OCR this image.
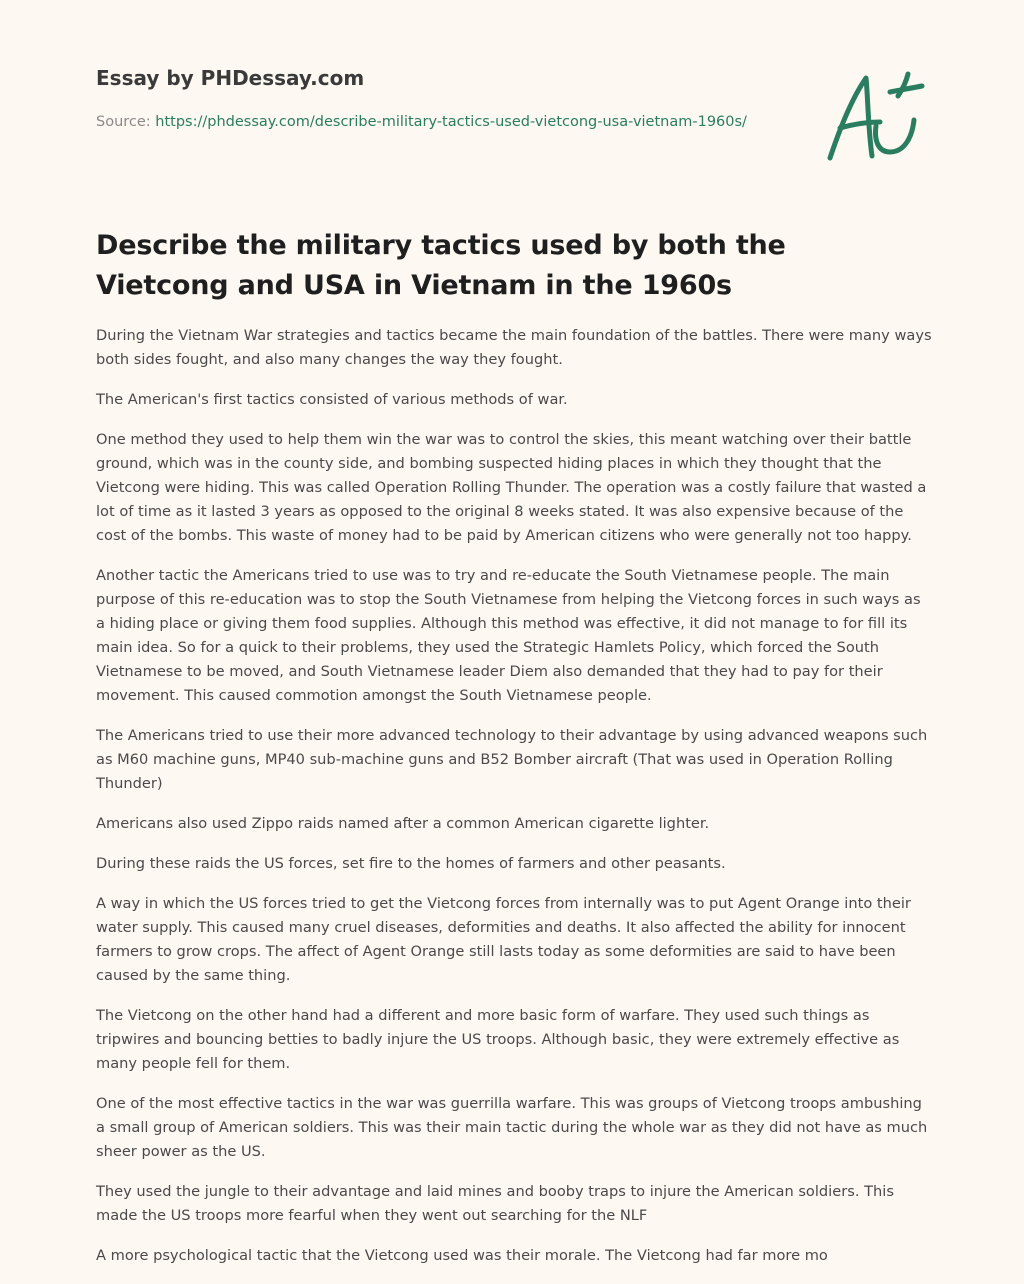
Essay by PHDessay.com
Source: https://phdessay.com/describe-military-tactics-used-vietcong-usa-vietnam-1960s/
Describe the military tactics used by both the Vietcong and USA in Vietnam in the 1960s

During the Vietnam War strategies and tactics became the main foundation of the battles. There were many ways both sides fought, and also many changes the way they fought.

The American's first tactics consisted of various methods of war.

One method they used to help them win the war was to control the skies, this meant watching over their battle ground, which was in the county side, and bombing suspected hiding places in which they thought that the Vietcong were hiding. This was called Operation Rolling Thunder. The operation was a costly failure that wasted a lot of time as it lasted 3 years as opposed to the original 8 weeks stated. It was also expensive because of the cost of the bombs. This waste of money had to be paid by American citizens who were generally not too happy.

Another tactic the Americans tried to use was to try and re-educate the South Vietnamese people. The main purpose of this re-education was to stop the South Vietnamese from helping the Vietcong forces in such ways as a hiding place or giving them food supplies. Although this method was effective, it did not manage to for fill its main idea. So for a quick to their problems, they used the Strategic Hamlets Policy, which forced the South Vietnamese to be moved, and South Vietnamese leader Diem also demanded that they had to pay for their movement. This caused commotion amongst the South Vietnamese people.

The Americans tried to use their more advanced technology to their advantage by using advanced weapons such as M60 machine guns, MP40 sub-machine guns and B52 Bomber aircraft (That was used in Operation Rolling Thunder)

Americans also used Zippo raids named after a common American cigarette lighter.

During these raids the US forces, set fire to the homes of farmers and other peasants.

A way in which the US forces tried to get the Vietcong forces from internally was to put Agent Orange into their water supply. This caused many cruel diseases, deformities and deaths. It also affected the ability for innocent farmers to grow crops. The affect of Agent Orange still lasts today as some deformities are said to have been caused by the same thing.

The Vietcong on the other hand had a different and more basic form of warfare. They used such things as tripwires and bouncing betties to badly injure the US troops. Although basic, they were extremely effective as many people fell for them.

One of the most effective tactics in the war was guerrilla warfare. This was groups of Vietcong troops ambushing a small group of American soldiers. This was their main tactic during the whole war as they did not have as much sheer power as the US.

They used the jungle to their advantage and laid mines and booby traps to injure the American soldiers. This made the US troops more fearful when they went out searching for the NLF

A more psychological tactic that the Vietcong used was their morale. The Vietcong had far more mo
